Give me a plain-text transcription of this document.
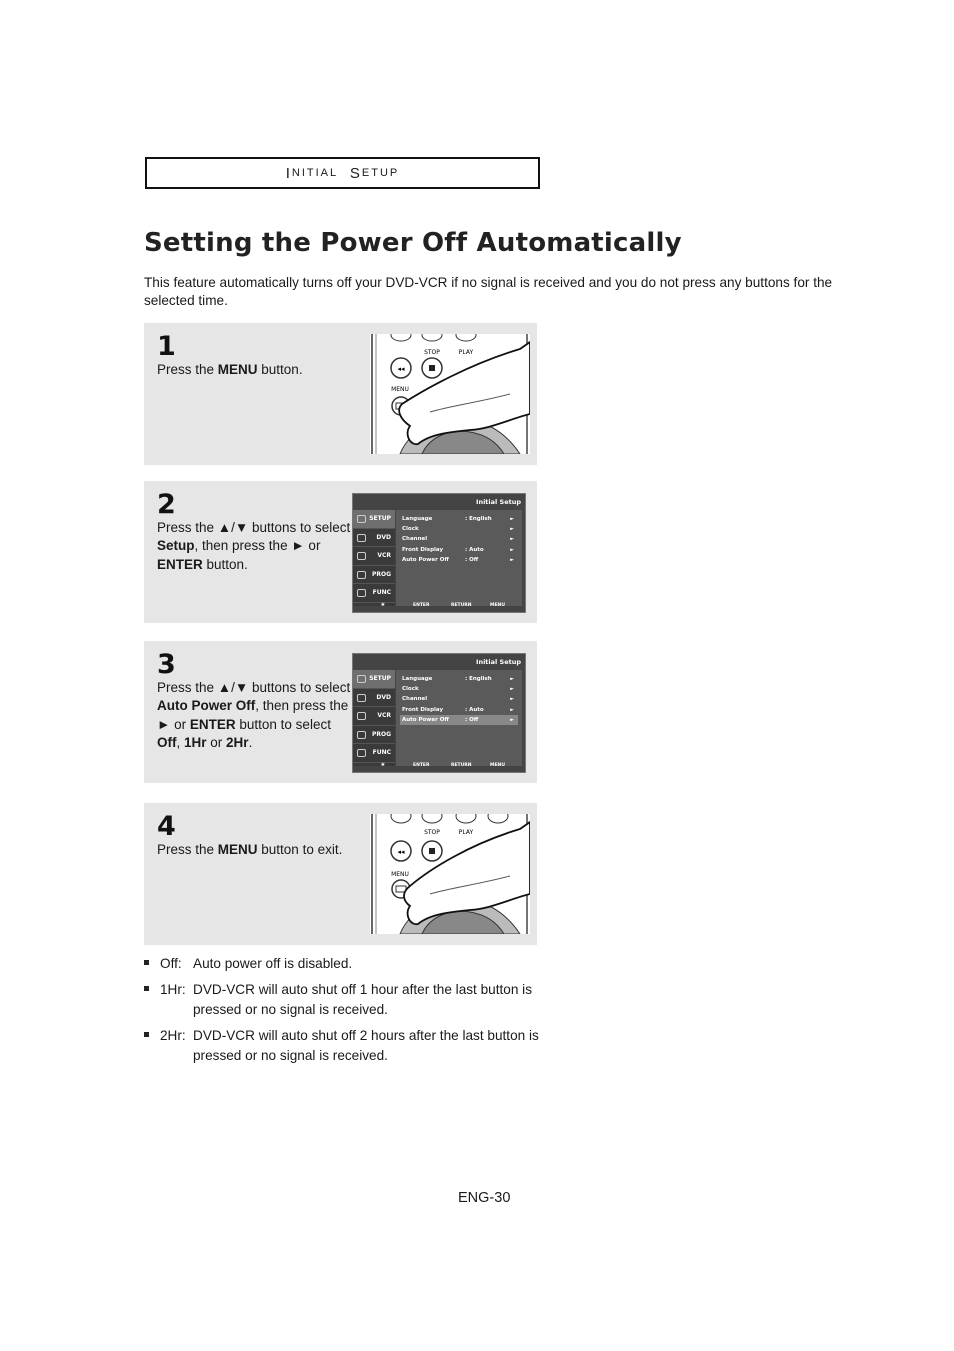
I NITIAL
S ETUP
Setting the Power Off Automatically
This feature automatically turns off your DVD-VCR if no signal is received and you do not press any buttons for the selected time.
1
Press the MENU button.
STOP	PLAY
◂◂
MENU
2
Press the ▲/▼ buttons to select Setup, then press the ► or ENTER button.
Initial Setup
SETUP
DVD
VCR
PROG
FUNC
Language	: English	►
Clock	►
Channel	►
Front Display	: Auto	►
Auto Power Off	: Off	►
✱	ENTER	RETURN	MENU
3
Press the ▲/▼ buttons to select Auto Power Off, then press the ► or ENTER button to select Off, 1Hr or 2Hr.
Initial Setup
SETUP
DVD
VCR
PROG
FUNC
Language	: English	►
Clock	►
Channel	►
Front Display	: Auto	►
Auto Power Off	: Off	►
✱	ENTER	RETURN	MENU
4
Press the MENU button to exit.
STOP	PLAY
◂◂
MENU
Off: Auto power off is disabled.
1Hr: DVD-VCR will auto shut off 1 hour after the last button is pressed or no signal is received.
2Hr: DVD-VCR will auto shut off 2 hours after the last button is pressed or no signal is received.
ENG-30
